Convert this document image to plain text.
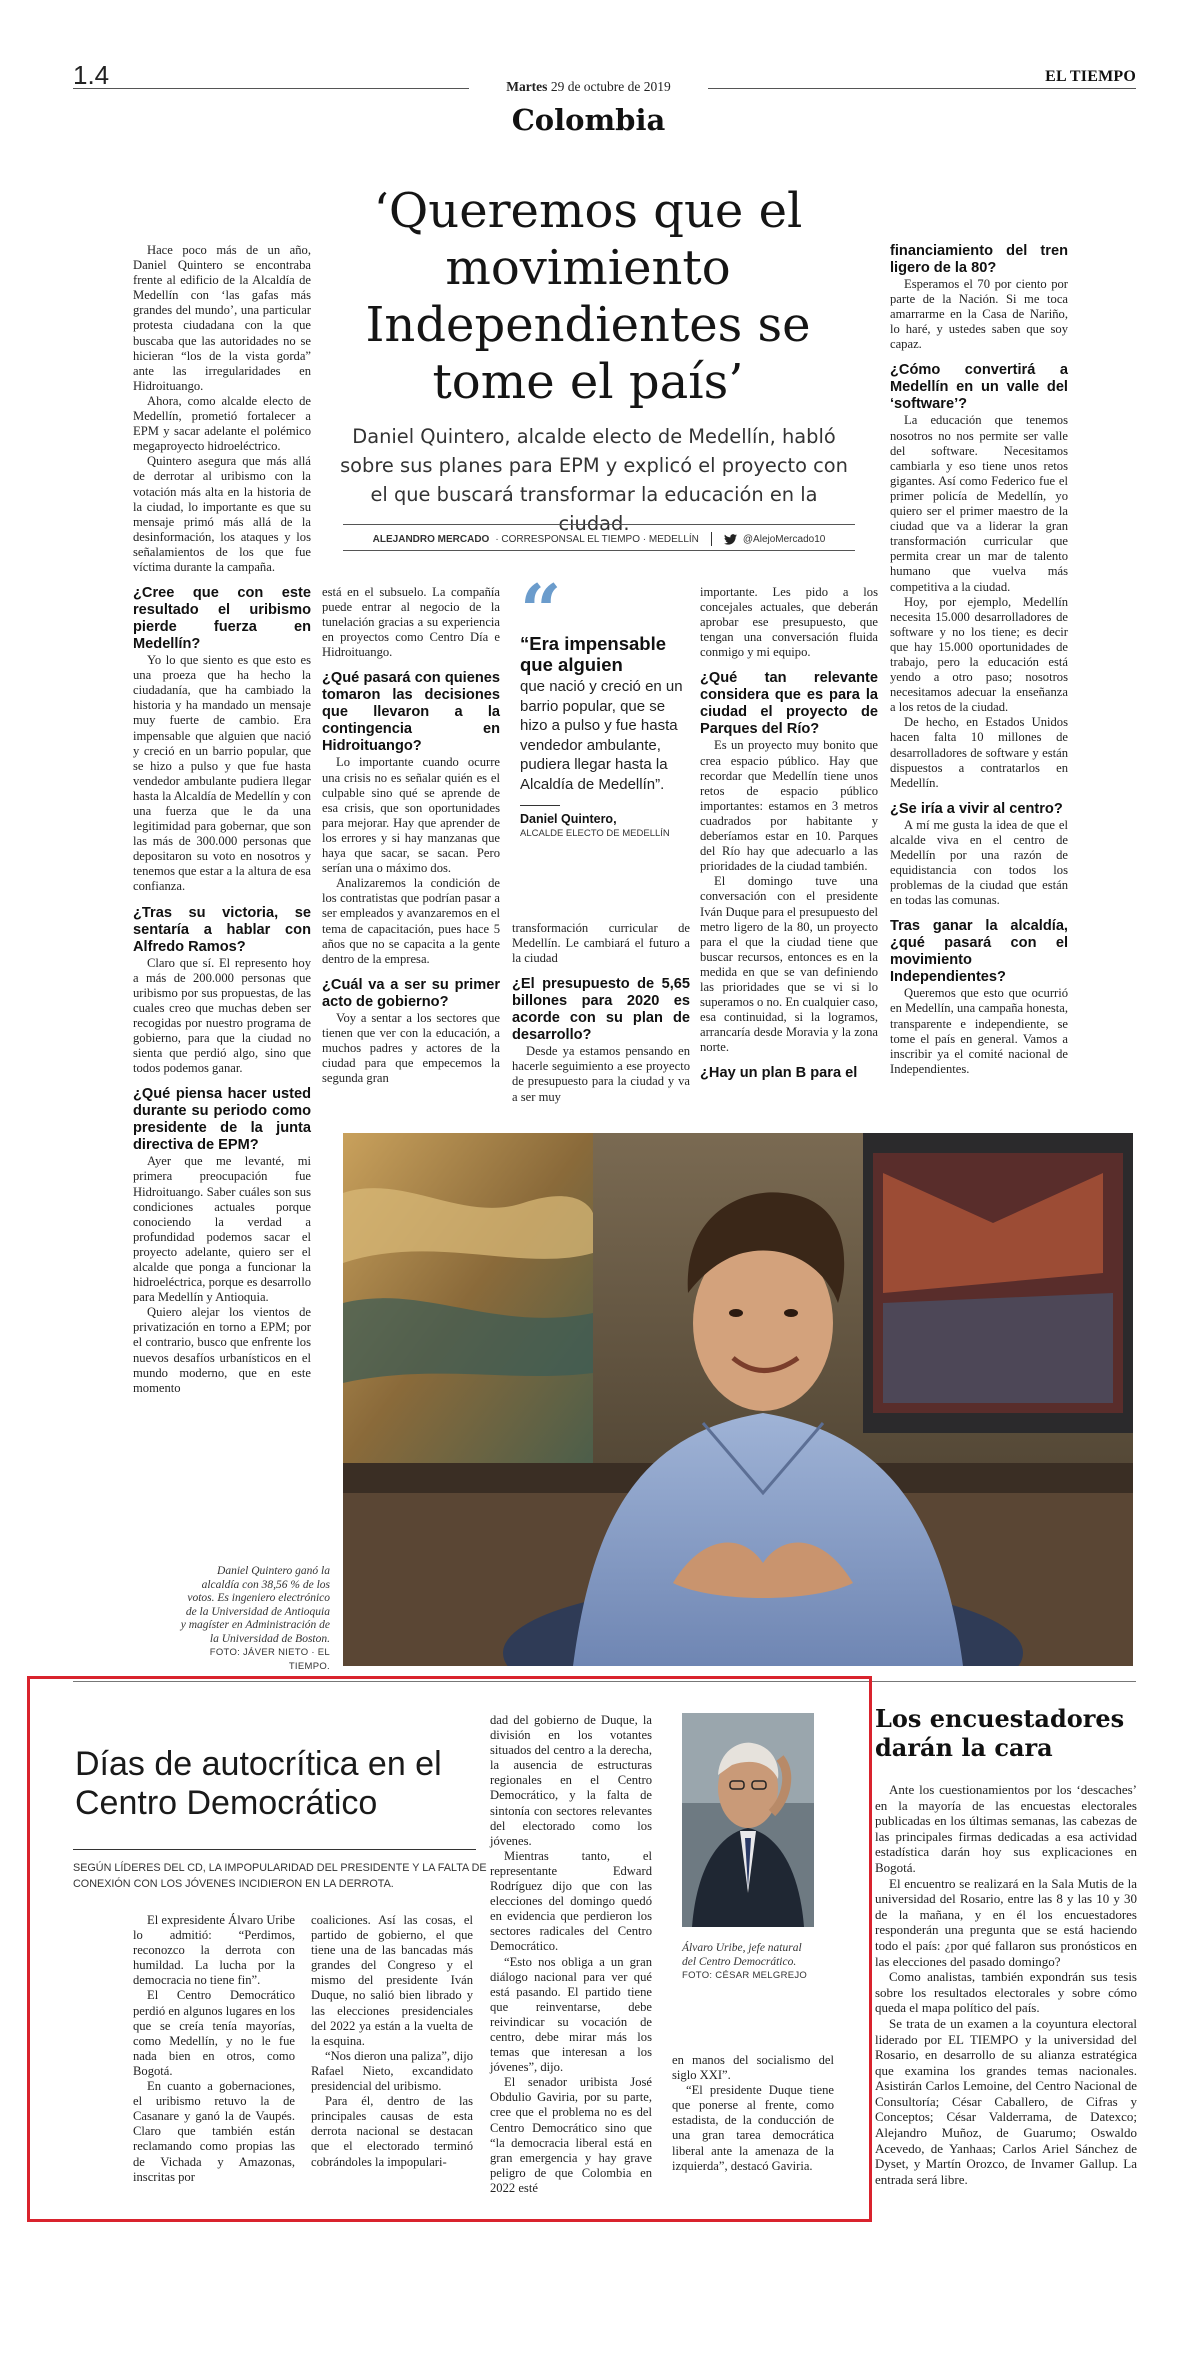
1.4	Martes 29 de octubre de 2019
Colombia
EL TIEMPO
‘Queremos que el movimiento Independientes se tome el país’
Daniel Quintero, alcalde electo de Medellín, habló sobre sus planes para EPM y explicó el proyecto con el que buscará transformar la educación en la ciudad.
ALEJANDRO MERCADO · CORRESPONSAL EL TIEMPO · MEDELLÍN	@AlejoMercado10

Hace poco más de un año, Daniel Quintero se encontraba frente al edificio de la Alcaldía de Medellín con ‘las gafas más grandes del mundo’, una particular protesta ciudadana con la que buscaba que las autoridades no se hicieran “los de la vista gorda” ante las irregularidades en Hidroituango.

Ahora, como alcalde electo de Medellín, prometió fortalecer a EPM y sacar adelante el polémico megaproyecto hidroeléctrico.

Quintero asegura que más allá de derrotar al uribismo con la votación más alta en la historia de la ciudad, lo importante es que su mensaje primó más allá de la desinformación, los ataques y los señalamientos de los que fue víctima durante la campaña.

¿Cree que con este resultado el uribismo pierde fuerza en Medellín?

Yo lo que siento es que esto es una proeza que ha hecho la ciudadanía, que ha cambiado la historia y ha mandado un mensaje muy fuerte de cambio. Era impensable que alguien que nació y creció en un barrio popular, que se hizo a pulso y que fue hasta vendedor ambulante pudiera llegar hasta la Alcaldía de Medellín y con una fuerza que le da una legitimidad para gobernar, que son las más de 300.000 personas que depositaron su voto en nosotros y tenemos que estar a la altura de esa confianza.

¿Tras su victoria, se sentaría a hablar con Alfredo Ramos?

Claro que sí. El represento hoy a más de 200.000 personas que uribismo por sus propuestas, de las cuales creo que muchas deben ser recogidas por nuestro programa de gobierno, para que la ciudad no sienta que perdió algo, sino que todos podemos ganar.

¿Qué piensa hacer usted durante su periodo como presidente de la junta directiva de EPM?

Ayer que me levanté, mi primera preocupación fue Hidroituango. Saber cuáles son sus condiciones actuales porque conociendo la verdad a profundidad podemos sacar el proyecto adelante, quiero ser el alcalde que ponga a funcionar la hidroeléctrica, porque es desarrollo para Medellín y Antioquia.

Quiero alejar los vientos de privatización en torno a EPM; por el contrario, busco que enfrente los nuevos desafíos urbanísticos en el mundo moderno, que en este momento

está en el subsuelo. La compañía puede entrar al negocio de la tunelación gracias a su experiencia en proyectos como Centro Día e Hidroituango.

¿Qué pasará con quienes tomaron las decisiones que llevaron a la contingencia en Hidroituango?

Lo importante cuando ocurre una crisis no es señalar quién es el culpable sino qué se aprende de esa crisis, que son oportunidades para mejorar. Hay que aprender de los errores y si hay manzanas que haya que sacar, se sacan. Pero serían una o máximo dos.

Analizaremos la condición de los contratistas que podrían pasar a ser empleados y avanzaremos en el tema de capacitación, pues hace 5 años que no se capacita a la gente dentro de la empresa.

¿Cuál va a ser su primer acto de gobierno?

Voy a sentar a los sectores que tienen que ver con la educación, a muchos padres y actores de la ciudad para que empecemos la segunda gran

transformación curricular de Medellín. Le cambiará el futuro a la ciudad

¿El presupuesto de 5,65 billones para 2020 es acorde con su plan de desarrollo?

Desde ya estamos pensando en hacerle seguimiento a ese proyecto de presupuesto para la ciudad y va a ser muy

importante. Les pido a los concejales actuales, que deberán aprobar ese presupuesto, que tengan una conversación fluida conmigo y mi equipo.

¿Qué tan relevante considera que es para la ciudad el proyecto de Parques del Río?

Es un proyecto muy bonito que crea espacio público. Hay que recordar que Medellín tiene unos retos de espacio público importantes: estamos en 3 metros cuadrados por habitante y deberíamos estar en 10. Parques del Río hay que adecuarlo a las prioridades de la ciudad también.

El domingo tuve una conversación con el presidente Iván Duque para el presupuesto del metro ligero de la 80, un proyecto para el que la ciudad tiene que buscar recursos, entonces es en la medida en que se van definiendo las prioridades que se vi si lo superamos o no. En cualquier caso, esa continuidad, si la logramos, arrancaría desde Moravia y la zona norte.

¿Hay un plan B para el

financiamiento del tren ligero de la 80?

Esperamos el 70 por ciento por parte de la Nación. Si me toca amarrarme en la Casa de Nariño, lo haré, y ustedes saben que soy capaz.

¿Cómo convertirá a Medellín en un valle del ‘software’?

La educación que tenemos nosotros no nos permite ser valle del software. Necesitamos cambiarla y eso tiene unos retos gigantes. Así como Federico fue el primer policía de Medellín, yo quiero ser el primer maestro de la ciudad que va a liderar la gran transformación curricular que permita crear un mar de talento humano que vuelva más competitiva a la ciudad.

Hoy, por ejemplo, Medellín necesita 15.000 desarrolladores de software y no los tiene; es decir que hay 15.000 oportunidades de trabajo, pero la educación está yendo a otro paso; nosotros necesitamos adecuar la enseñanza a los retos de la ciudad.

De hecho, en Estados Unidos hacen falta 10 millones de desarrolladores de software y están dispuestos a contratarlos en Medellín.

¿Se iría a vivir al centro?

A mí me gusta la idea de que el alcalde viva en el centro de Medellín por una razón de equidistancia con todos los problemas de la ciudad que están en todas las comunas.

Tras ganar la alcaldía, ¿qué pasará con el movimiento Independientes?

Queremos que esto que ocurrió en Medellín, una campaña honesta, transparente e independiente, se tome el país en general. Vamos a inscribir ya el comité nacional de Independientes.

“
“Era impensable que alguien
que nació y creció en un barrio popular, que se hizo a pulso y fue hasta vendedor ambulante, pudiera llegar hasta la Alcaldía de Medellín”.
Daniel Quintero,
ALCALDE ELECTO DE MEDELLÍN
Daniel Quintero ganó la alcaldía con 38,56 % de los votos. Es ingeniero electrónico de la Universidad de Antioquia y magíster en Administración de la Universidad de Boston.
FOTO: JÁVER NIETO · EL TIEMPO.
Días de autocrítica en el Centro Democrático
SEGÚN LÍDERES DEL CD, LA IMPOPULARIDAD DEL PRESIDENTE Y LA FALTA DE CONEXIÓN CON LOS JÓVENES INCIDIERON EN LA DERROTA.

El expresidente Álvaro Uribe lo admitió: “Perdimos, reconozco la derrota con humildad. La lucha por la democracia no tiene fin”.

El Centro Democrático perdió en algunos lugares en los que se creía tenía mayorías, como Medellín, y no le fue nada bien en otros, como Bogotá.

En cuanto a gobernaciones, el uribismo retuvo la de Casanare y ganó la de Vaupés. Claro que también están reclamando como propias las de Vichada y Amazonas, inscritas por

coaliciones. Así las cosas, el partido de gobierno, el que tiene una de las bancadas más grandes del Congreso y el mismo del presidente Iván Duque, no salió bien librado y las elecciones presidenciales del 2022 ya están a la vuelta de la esquina.

“Nos dieron una paliza”, dijo Rafael Nieto, excandidato presidencial del uribismo.

Para él, dentro de las principales causas de esta derrota nacional se destacan que el electorado terminó cobrándoles la impopulari-

dad del gobierno de Duque, la división en los votantes situados del centro a la derecha, la ausencia de estructuras regionales en el Centro Democrático, y la falta de sintonía con sectores relevantes del electorado como los jóvenes.

Mientras tanto, el representante Edward Rodríguez dijo que con las elecciones del domingo quedó en evidencia que perdieron los sectores radicales del Centro Democrático.

“Esto nos obliga a un gran diálogo nacional para ver qué está pasando. El partido tiene que reinventarse, debe reivindicar su vocación de centro, debe mirar más los temas que interesan a los jóvenes”, dijo.

El senador uribista José Obdulio Gaviria, por su parte, cree que el problema no es del Centro Democrático sino que “la democracia liberal está en gran emergencia y hay grave peligro de que Colombia en 2022 esté

en manos del socialismo del siglo XXI”.

“El presidente Duque tiene que ponerse al frente, como estadista, de la conducción de una gran tarea democrática liberal ante la amenaza de la izquierda”, destacó Gaviria.

Álvaro Uribe, jefe natural del Centro Democrático.
FOTO: CÉSAR MELGREJO
Los encuestadores darán la cara

Ante los cuestionamientos por los ‘descaches’ en la mayoría de las encuestas electorales publicadas en los últimas semanas, las cabezas de las principales firmas dedicadas a esa actividad estadística darán hoy sus explicaciones en Bogotá.

El encuentro se realizará en la Sala Mutis de la universidad del Rosario, entre las 8 y las 10 y 30 de la mañana, y en él los encuestadores responderán una pregunta que se está haciendo todo el país: ¿por qué fallaron sus pronósticos en las elecciones del pasado domingo?

Como analistas, también expondrán sus tesis sobre los resultados electorales y sobre cómo queda el mapa político del país.

Se trata de un examen a la coyuntura electoral liderado por EL TIEMPO y la universidad del Rosario, en desarrollo de su alianza estratégica que examina los grandes temas nacionales. Asistirán Carlos Lemoine, del Centro Nacional de Consultoría; César Caballero, de Cifras y Conceptos; César Valderrama, de Datexco; Alejandro Muñoz, de Guarumo; Oswaldo Acevedo, de Yanhaas; Carlos Ariel Sánchez de Dyset, y Martín Orozco, de Invamer Gallup. La entrada será libre.
